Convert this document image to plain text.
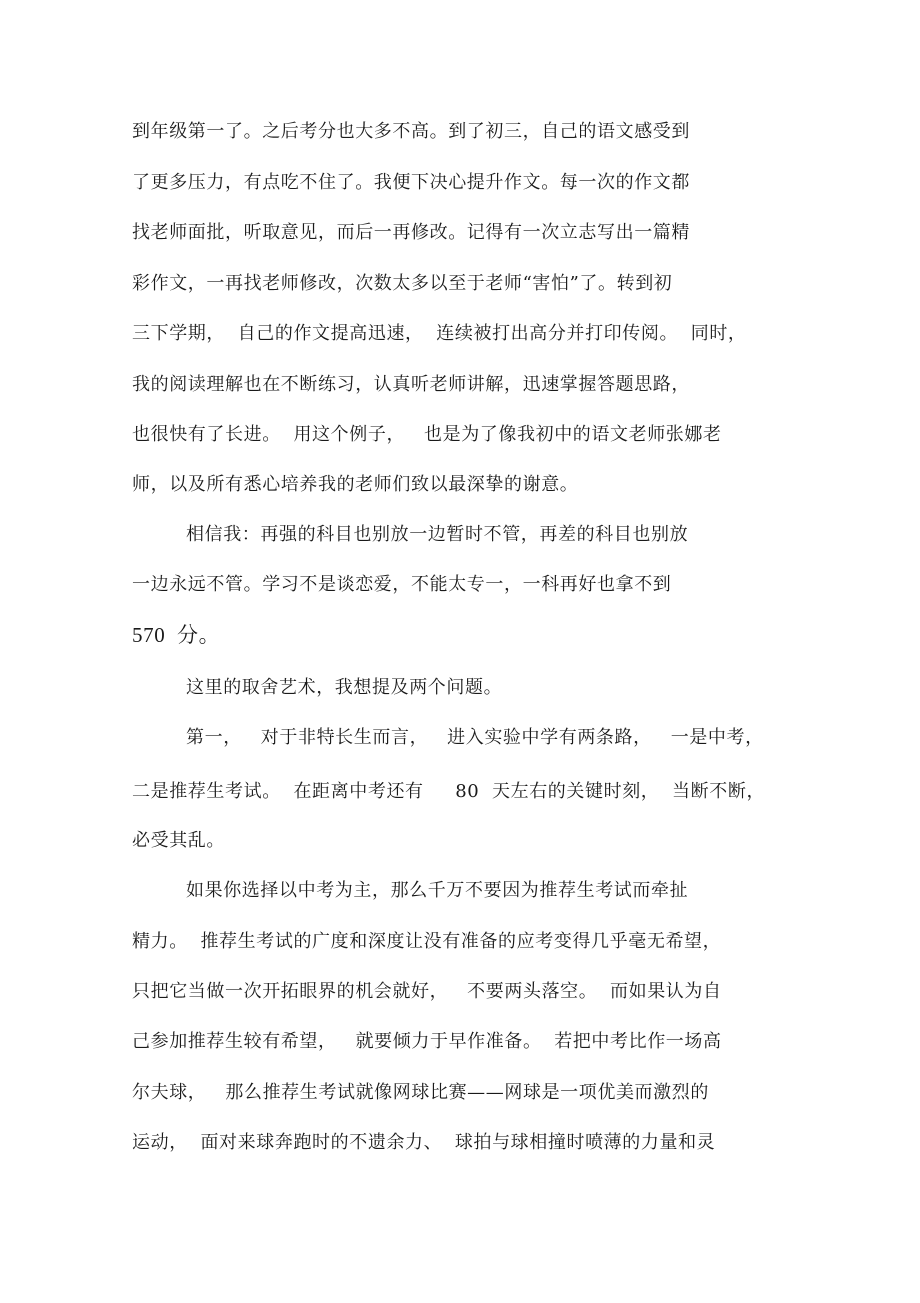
到年级第一了。之后考分也大多不高。到了初三，自己的语文感受到
了更多压力，有点吃不住了。我便下决心提升作文。每一次的作文都
找老师面批，听取意见，而后一再修改。记得有一次立志写出一篇精
彩作文，一再找老师修改，次数太多以至于老师“害怕”了。转到初
三下学期，  自己的作文提高迅速，  连续被打出高分并打印传阅。  同时，
我的阅读理解也在不断练习，认真听老师讲解，迅速掌握答题思路，
也很快有了长进。  用这个例子，   也是为了像我初中的语文老师张娜老
师，以及所有悉心培养我的老师们致以最深挚的谢意。
相信我：再强的科目也别放一边暂时不管，再差的科目也别放
一边永远不管。学习不是谈恋爱，不能太专一，一科再好也拿不到
570  分。
这里的取舍艺术，我想提及两个问题。
第一，   对于非特长生而言，   进入实验中学有两条路，   一是中考，
二是推荐生考试。  在距离中考还有     80  天左右的关键时刻，  当断不断，
必受其乱。
如果你选择以中考为主，那么千万不要因为推荐生考试而牵扯
精力。  推荐生考试的广度和深度让没有准备的应考变得几乎毫无希望，
只把它当做一次开拓眼界的机会就好，   不要两头落空。  而如果认为自
己参加推荐生较有希望，   就要倾力于早作准备。  若把中考比作一场高
尔夫球，   那么推荐生考试就像网球比赛——网球是一项优美而激烈的
运动，  面对来球奔跑时的不遗余力、  球拍与球相撞时喷薄的力量和灵
